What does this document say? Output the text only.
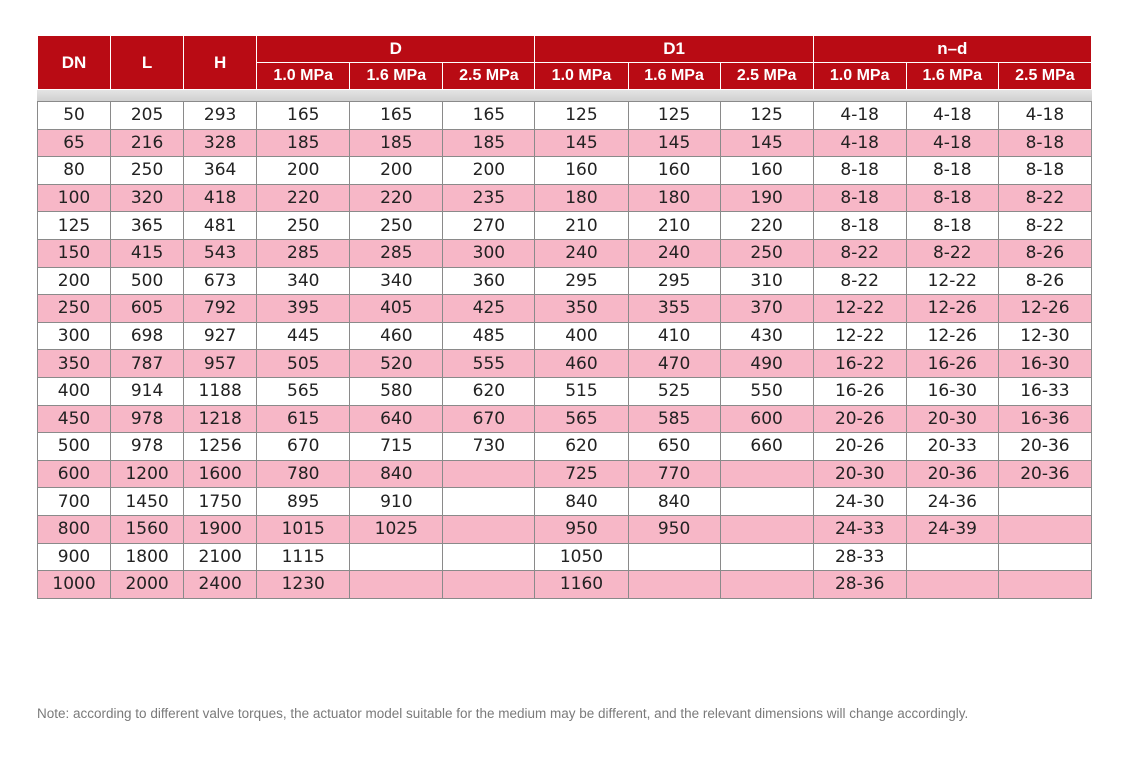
DN	L	H	D			D1			n–d		
			1.0 MPa	1.6 MPa	2.5 MPa	1.0 MPa	1.6 MPa	2.5 MPa	1.0 MPa	1.6 MPa	2.5 MPa
50	205	293	165	165	165	125	125	125	4-18	4-18	4-18
65	216	328	185	185	185	145	145	145	4-18	4-18	8-18
80	250	364	200	200	200	160	160	160	8-18	8-18	8-18
100	320	418	220	220	235	180	180	190	8-18	8-18	8-22
125	365	481	250	250	270	210	210	220	8-18	8-18	8-22
150	415	543	285	285	300	240	240	250	8-22	8-22	8-26
200	500	673	340	340	360	295	295	310	8-22	12-22	8-26
250	605	792	395	405	425	350	355	370	12-22	12-26	12-26
300	698	927	445	460	485	400	410	430	12-22	12-26	12-30
350	787	957	505	520	555	460	470	490	16-22	16-26	16-30
400	914	1188	565	580	620	515	525	550	16-26	16-30	16-33
450	978	1218	615	640	670	565	585	600	20-26	20-30	16-36
500	978	1256	670	715	730	620	650	660	20-26	20-33	20-36
600	1200	1600	780	840		725	770		20-30	20-36	20-36
700	1450	1750	895	910		840	840		24-30	24-36	
800	1560	1900	1015	1025		950	950		24-33	24-39	
900	1800	2100	1115			1050			28-33		
1000	2000	2400	1230			1160			28-36		
Note: according to different valve torques, the actuator model suitable for the medium may be different, and the relevant dimensions will change accordingly.
